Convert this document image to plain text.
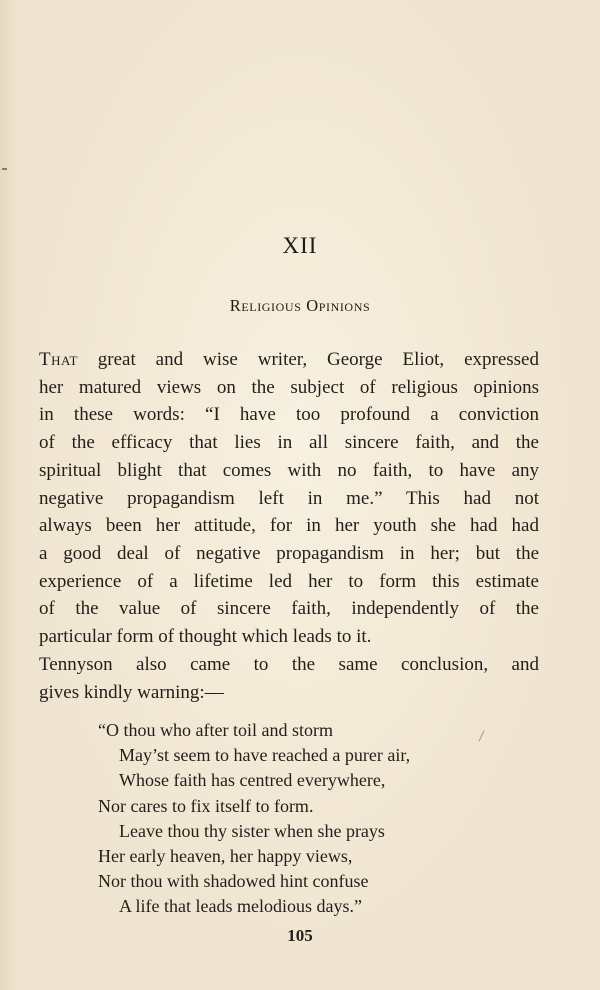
XII
Religious Opinions
That great and wise writer, George Eliot, expressed
her matured views on the subject of religious opinions
in these words: “I have too profound a conviction
of the efficacy that lies in all sincere faith, and the
spiritual blight that comes with no faith, to have any
negative propagandism left in me.” This had not
always been her attitude, for in her youth she had had
a good deal of negative propagandism in her; but the
experience of a lifetime led her to form this estimate
of the value of sincere faith, independently of the
particular form of thought which leads to it.
Tennyson also came to the same conclusion, and
gives kindly warning:—
“O thou who after toil and storm
May’st seem to have reached a purer air,
Whose faith has centred everywhere,
Nor cares to fix itself to form.
Leave thou thy sister when she prays
Her early heaven, her happy views,
Nor thou with shadowed hint confuse
A life that leads melodious days.”
105
